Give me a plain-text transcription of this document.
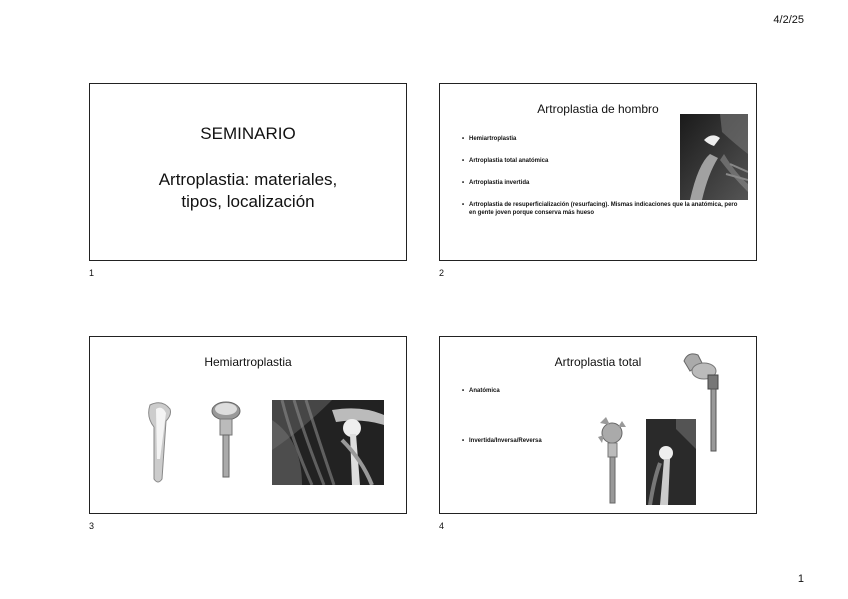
4/2/25
SEMINARIO
Artroplastia: materiales,
tipos, localización
1
Artroplastia de hombro
• Hemiartroplastia
• Artroplastia total anatómica
• Artroplastia invertida
• Artroplastia de resuperficialización (resurfacing). Mismas indicaciones que la anatómica, pero en gente joven porque conserva más hueso
2
Hemiartroplastia
3
Artroplastia total
• Anatómica
• Invertida/Inversa/Reversa
4
1
